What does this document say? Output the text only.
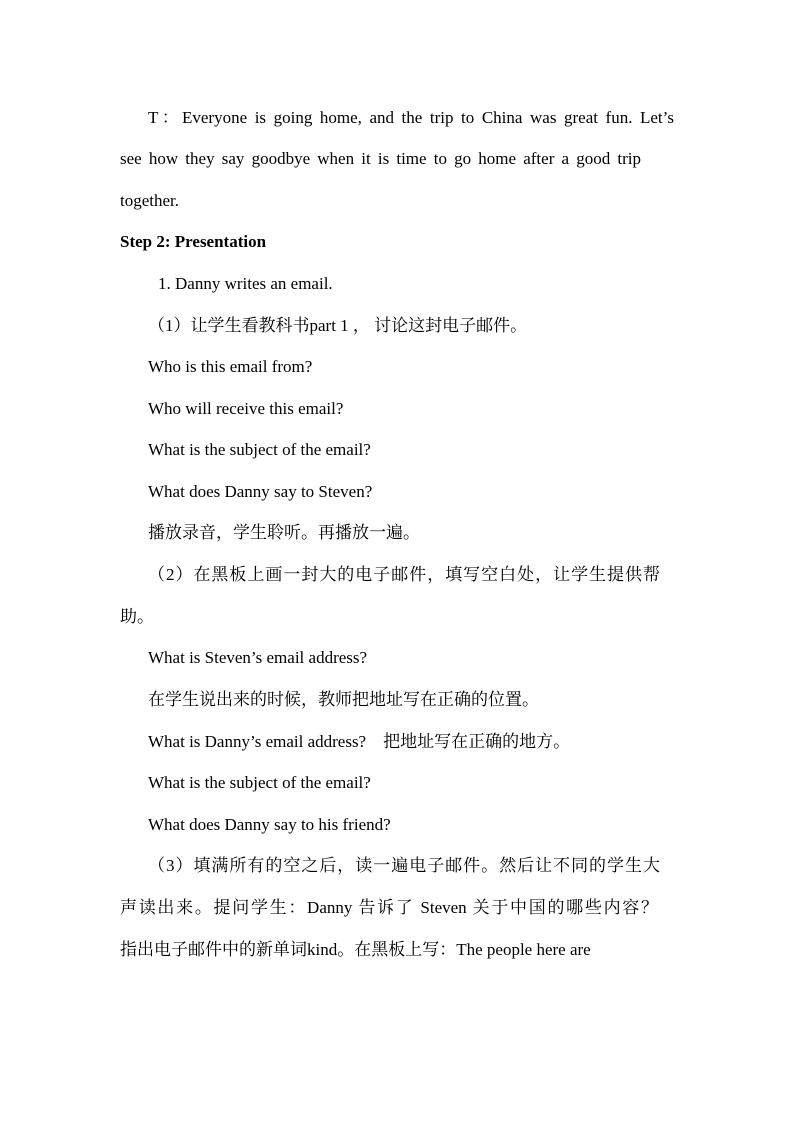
T：Everyone is going home, and the trip to China was great fun. Let’s

see how they say goodbye when it is time to go home after a good trip

together.

Step 2: Presentation

1. Danny writes an email.

（1）让学生看教科书part 1 ， 讨论这封电子邮件。

Who is this email from?

Who will receive this email?

What is the subject of the email?

What does Danny say to Steven?

播放录音，学生聆听。再播放一遍。

（2）在黑板上画一封大的电子邮件，填写空白处，让学生提供帮

助。

What is Steven’s email address?

在学生说出来的时候，教师把地址写在正确的位置。

What is Danny’s email address?　把地址写在正确的地方。

What is the subject of the email?

What does Danny say to his friend?

（3）填满所有的空之后，读一遍电子邮件。然后让不同的学生大

声读出来。提问学生：Danny 告诉了 Steven 关于中国的哪些内容？

指出电子邮件中的新单词kind。在黑板上写：The people here are
